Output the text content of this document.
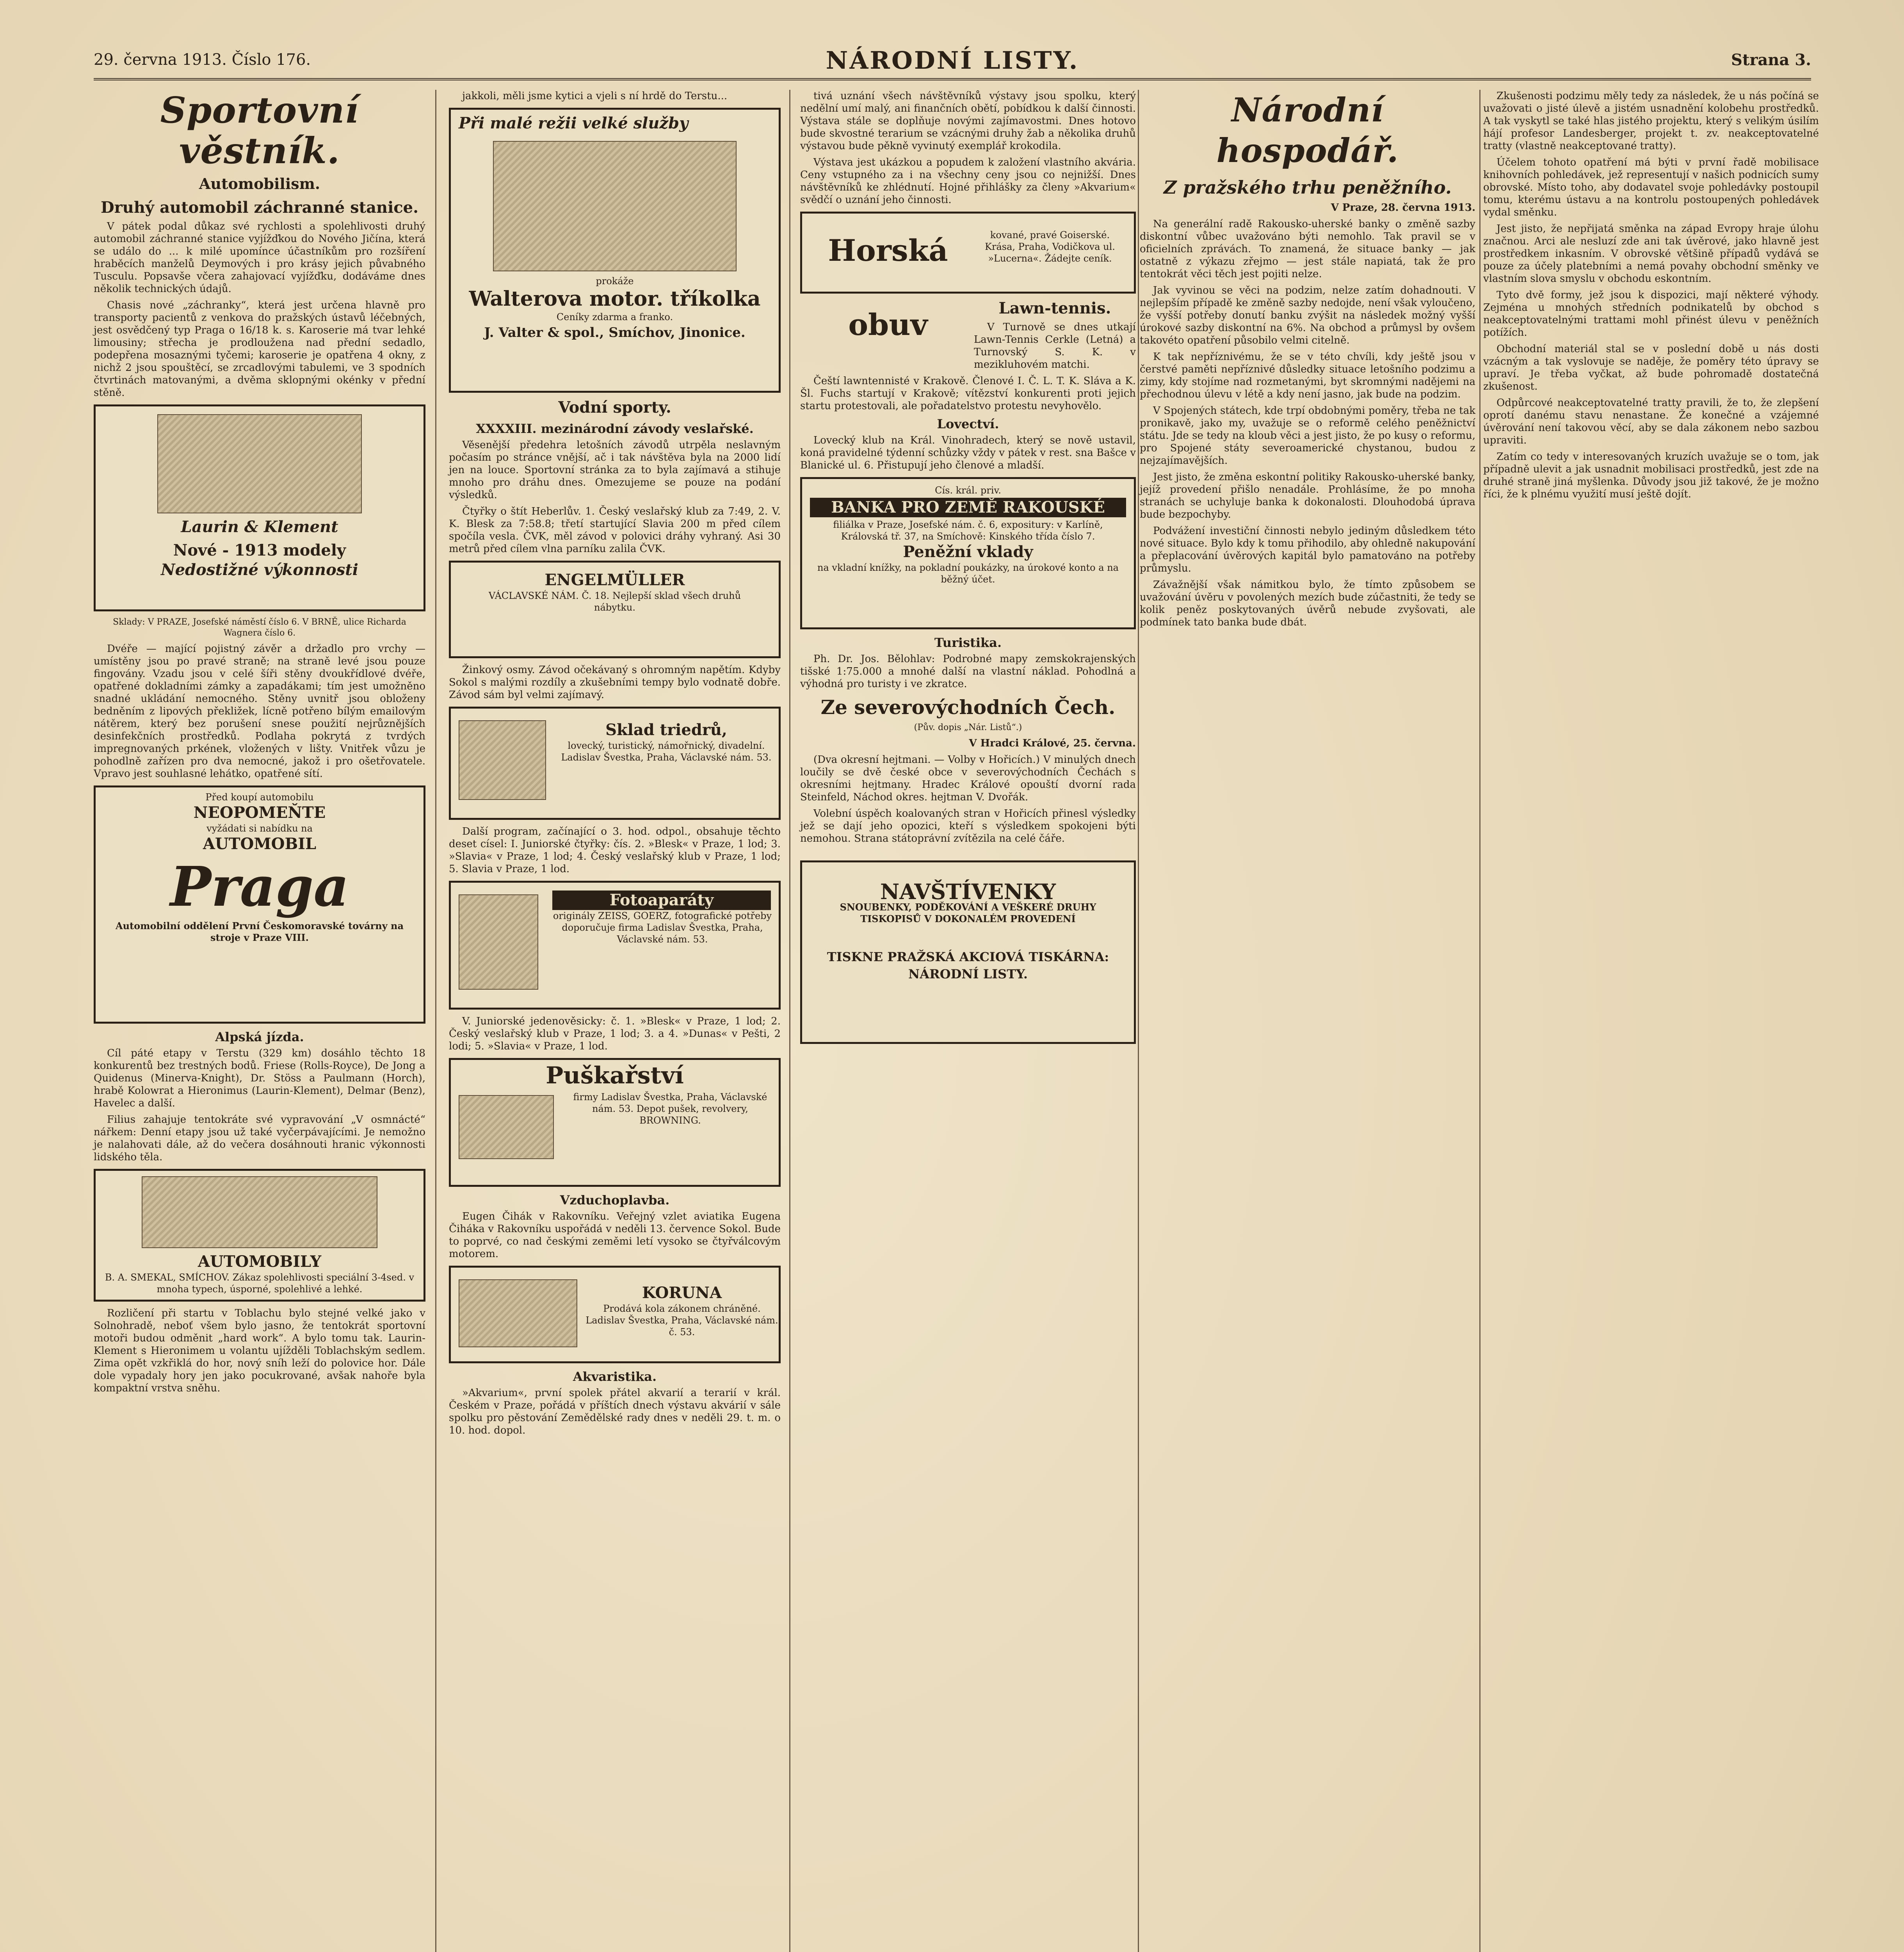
29. června 1913. Číslo 176.	NÁRODNÍ LISTY.	Strana 3.
Sportovní věstník.
Automobilism.
Druhý automobil záchranné stanice.

V pátek podal důkaz své rychlosti a spolehlivosti druhý automobil záchranné stanice vyjížďkou do Nového Jičína, která se událo do ... k milé upomínce účastníkům pro rozšíření hraběcích manželů Deymových i pro krásy jejich půvabného Tusculu. Popsavše včera zahajovací vyjížďku, dodáváme dnes několik technických údajů.

Chasis nové „záchranky“, která jest určena hlavně pro transporty pacientů z venkova do pražských ústavů léčebných, jest osvědčený typ Praga o 16/18 k. s. Karoserie má tvar lehké limousiny; střecha je prodloužena nad přední sedadlo, podepřena mosaznými tyčemi; karoserie je opatřena 4 okny, z nichž 2 jsou spouštěcí, se zrcadlovými tabulemi, ve 3 spodních čtvrtinách matovanými, a dvěma sklopnými okénky v přední stěně.

Laurin & Klement
Nové - 1913 modely
Nedostižné výkonnosti

Sklady: V PRAZE, Josefské náměstí číslo 6. V BRNĚ, ulice Richarda Wagnera číslo 6.

Dvéře — mající pojistný závěr a držadlo pro vrchy — umístěny jsou po pravé straně; na straně levé jsou pouze fingovány. Vzadu jsou v celé šíři stěny dvoukřídlové dvéře, opatřené dokladními zámky a zapadákami; tím jest umožněno snadné ukládání nemocného. Stěny uvnitř jsou obloženy bedněním z lipových překližek, lícně potřeno bílým emailovým nátěrem, který bez porušení snese použití nejrůznějších desinfekčních prostředků. Podlaha pokrytá z tvrdých impregnovaných prkének, vložených v lišty. Vnitřek vůzu je pohodlně zařízen pro dva nemocné, jakož i pro ošetřovatele. Vpravo jest souhlasné lehátko, opatřené sítí.

Před koupí automobilu
NEOPOMEŇTE
vyžádati si nabídku na
AUTOMOBIL
Praga
Automobilní oddělení První Českomoravské továrny na stroje v Praze VIII.
Alpská jízda.

Cíl páté etapy v Terstu (329 km) dosáhlo těchto 18 konkurentů bez trestných bodů. Friese (Rolls-Royce), De Jong a Quidenus (Minerva-Knight), Dr. Stöss a Paulmann (Horch), hrabě Kolowrat a Hieronimus (Laurin-Klement), Delmar (Benz), Havelec a další.

Filius zahajuje tentokráte své vypravování „V osmnácté“ nářkem: Denní etapy jsou už také vyčerpávajícími. Je nemožno je nalahovati dále, až do večera dosáhnouti hranic výkonnosti lidského těla.

AUTOMOBILY
B. A. SMEKAL, SMÍCHOV. Zákaz spolehlivosti speciální 3-4sed. v mnoha typech, úsporné, spolehlivé a lehké.

Rozličení při startu v Toblachu bylo stejné velké jako v Solnohradě, neboť všem bylo jasno, že tentokrát sportovní motoři budou odměnit „hard work“. A bylo tomu tak. Laurin-Klement s Hieronimem u volantu ujížděli Toblachským sedlem. Zima opět vzkřiklá do hor, nový sníh leží do polovice hor. Dále dole vypadaly hory jen jako pocukrované, avšak nahoře byla kompaktní vrstva sněhu.

jakkoli, měli jsme kytici a vjeli s ní hrdě do Terstu...

Při malé režii velké služby
prokáže
Walterova motor. tříkolka
Ceníky zdarma a franko.
J. Valter & spol., Smíchov, Jinonice.
Vodní sporty.
XXXXIII. mezinárodní závody veslařské.

Věsenější předehra letošních závodů utrpěla neslavným počasím po stránce vnější, ač i tak návštěva byla na 2000 lidí jen na louce. Sportovní stránka za to byla zajímavá a stihuje mnoho pro dráhu dnes. Omezujeme se pouze na podání výsledků.

Čtyřky o štít Heberlův. 1. Český veslařský klub za 7:49, 2. V. K. Blesk za 7:58.8; třetí startující Slavia 200 m před cílem spočíla vesla. ČVK, měl závod v polovici dráhy vyhraný. Asi 30 metrů před cílem vlna parníku zalila ČVK.

ENGELMÜLLER
VÁCLAVSKÉ NÁM. Č. 18. Nejlepší sklad všech druhů nábytku.

Žinkový osmy. Závod očekávaný s ohromným napětím. Kdyby Sokol s malými rozdíly a zkušebními tempy bylo vodnatě dobře. Závod sám byl velmi zajímavý.

Sklad triedrů,
lovecký, turistický, námořnický, divadelní. Ladislav Švestka, Praha, Václavské nám. 53.

Další program, začínající o 3. hod. odpol., obsahuje těchto deset císel: I. Juniorské čtyřky: čís. 2. »Blesk« v Praze, 1 lod; 3. »Slavia« v Praze, 1 lod; 4. Český veslařský klub v Praze, 1 lod; 5. Slavia v Praze, 1 lod.

Fotoaparáty
originály ZEISS, GOERZ, fotografické potřeby doporučuje firma Ladislav Švestka, Praha, Václavské nám. 53.

V. Juniorské jedenověsicky: č. 1. »Blesk« v Praze, 1 lod; 2. Český veslařský klub v Praze, 1 lod; 3. a 4. »Dunas« v Pešti, 2 lodi; 5. »Slavia« v Praze, 1 lod.

Puškařství
firmy Ladislav Švestka, Praha, Václavské nám. 53. Depot pušek, revolvery, BROWNING.
Vzduchoplavba.

Eugen Čihák v Rakovníku. Veřejný vzlet aviatika Eugena Čiháka v Rakovníku uspořádá v neděli 13. července Sokol. Bude to poprvé, co nad českými zeměmi letí vysoko se čtyřválcovým motorem.

KORUNA
Prodává kola zákonem chráněné. Ladislav Švestka, Praha, Václavské nám. č. 53.
Akvaristika.

»Akvarium«, první spolek přátel akvarií a terarií v král. Českém v Praze, pořádá v příštích dnech výstavu akvárií v sále spolku pro pěstování Zemědělské rady dnes v neděli 29. t. m. o 10. hod. dopol.

tivá uznání všech návštěvníků výstavy jsou spolku, který nedělní umí malý, ani finančních obětí, pobídkou k další činnosti. Výstava stále se doplňuje novými zajímavostmi. Dnes hotovo bude skvostné terarium se vzácnými druhy žab a několika druhů výstavou bude pěkně vyvinutý exemplář krokodila.

Výstava jest ukázkou a popudem k založení vlastního akvária. Ceny vstupného za i na všechny ceny jsou co nejnižší. Dnes návštěvníků ke zhlédnutí. Hojné přihlášky za členy »Akvarium« svědčí o uznání jeho činnosti.

Horská obuv
kované, pravé Goiserské. Krása, Praha, Vodičkova ul. »Lucerna«. Žádejte ceník.
Lawn-tennis.

V Turnově se dnes utkají Lawn-Tennis Cerkle (Letná) a Turnovský S. K. v mezikluhovém matchi.

Čeští lawntennisté v Krakově. Členové I. Č. L. T. K. Sláva a K. Šl. Fuchs startují v Krakově; vítězství konkurenti proti jejich startu protestovali, ale pořadatelstvo protestu nevyhovělo.

Lovectví.

Lovecký klub na Král. Vinohradech, který se nově ustavil, koná pravidelné týdenní schůzky vždy v pátek v rest. sna Bašce v Blanické ul. 6. Přistupují jeho členové a mladší.

Cís. král. priv.
BANKA PRO ZEMĚ RAKOUSKÉ
filiálka v Praze, Josefské nám. č. 6, expositury: v Karlíně, Královská tř. 37, na Smíchově: Kinského třída číslo 7.
Peněžní vklady
na vkladní knížky, na pokladní poukázky, na úrokové konto a na běžný účet.
Turistika.

Ph. Dr. Jos. Bělohlav: Podrobné mapy zemskokrajenských tišské 1:75.000 a mnohé další na vlastní náklad. Pohodlná a výhodná pro turisty i ve zkratce.

Ze severovýchodních Čech.

(Pův. dopis „Nár. Listů“.)

V Hradci Králové, 25. června.

(Dva okresní hejtmani. — Volby v Hořicích.) V minulých dnech loučily se dvě české obce v severovýchodních Čechách s okresními hejtmany. Hradec Králové opouští dvorní rada Steinfeld, Náchod okres. hejtman V. Dvořák.

Volební úspěch koalovaných stran v Hořicích přinesl výsledky jež se dají jeho opozici, kteří s výsledkem spokojeni býti nemohou. Strana státoprávní zvítězila na celé čáře.

NAVŠTÍVENKY
SNOUBENKY, PODĚKOVÁNÍ A VEŠKERÉ DRUHY TISKOPISŮ V DOKONALÉM PROVEDENÍ
TISKNE PRAŽSKÁ AKCIOVÁ TISKÁRNA: NÁRODNÍ LISTY.
Národní hospodář.
Z pražského trhu peněžního.

V Praze, 28. června 1913.

Na generální radě Rakousko-uherské banky o změně sazby diskontní vůbec uvažováno býti nemohlo. Tak pravil se v oficielních zprávách. To znamená, že situace banky — jak ostatně z výkazu zřejmo — jest stále napiatá, tak že pro tentokrát věci těch jest pojiti nelze.

Jak vyvinou se věci na podzim, nelze zatím dohadnouti. V nejlepším případě ke změně sazby nedojde, není však vyloučeno, že vyšší potřeby donutí banku zvýšit na následek možný vyšší úrokové sazby diskontní na 6%. Na obchod a průmysl by ovšem takovéto opatření působilo velmi citelně.

K tak nepříznivému, že se v této chvíli, kdy ještě jsou v čerstvé paměti nepříznivé důsledky situace letošního podzimu a zimy, kdy stojíme nad rozmetanými, byt skromnými nadějemi na přechodnou úlevu v létě a kdy není jasno, jak bude na podzim.

V Spojených státech, kde trpí obdobnými poměry, třeba ne tak pronikavě, jako my, uvažuje se o reformě celého peněžnictví státu. Jde se tedy na kloub věci a jest jisto, že po kusy o reformu, pro Spojené státy severoamerické chystanou, budou z nejzajímavějších.

Jest jisto, že změna eskontní politiky Rakousko-uherské banky, jejíž provedení přišlo nenadále. Prohlásíme, že po mnoha stranách se uchyluje banka k dokonalosti. Dlouhodobá úprava bude bezpochyby.

Podvážení investiční činnosti nebylo jediným důsledkem této nové situace. Bylo kdy k tomu přihodilo, aby ohledně nakupování a přeplacování úvěrových kapitál bylo pamatováno na potřeby průmyslu.

Závažnější však námitkou bylo, že tímto způsobem se uvažování úvěru v povolených mezích bude zúčastniti, že tedy se kolik peněz poskytovaných úvěrů nebude zvyšovati, ale podmínek tato banka bude dbát.

Zkušenosti podzimu měly tedy za následek, že u nás počíná se uvažovati o jisté úlevě a jistém usnadnění kolobehu prostředků. A tak vyskytl se také hlas jistého projektu, který s velikým úsilím hájí profesor Landesberger, projekt t. zv. neakceptovatelné tratty (vlastně neakceptované tratty).

Účelem tohoto opatření má býti v první řadě mobilisace knihovních pohledávek, jež representují v našich podnicích sumy obrovské. Místo toho, aby dodavatel svoje pohledávky postoupil tomu, kterému ústavu a na kontrolu postoupených pohledávek vydal směnku.

Jest jisto, že nepřijatá směnka na západ Evropy hraje úlohu značnou. Arci ale nesluzí zde ani tak úvěrové, jako hlavně jest prostředkem inkasním. V obrovské většině případů vydává se pouze za účely platebními a nemá povahy obchodní směnky ve vlastním slova smyslu v obchodu eskontním.

Tyto dvě formy, jež jsou k dispozici, mají některé výhody. Zejména u mnohých středních podnikatelů by obchod s neakceptovatelnými trattami mohl přinést úlevu v peněžních potížích.

Obchodní materiál stal se v poslední době u nás dosti vzácným a tak vyslovuje se naděje, že poměry této úpravy se upraví. Je třeba vyčkat, až bude pohromadě dostatečná zkušenost.

Odpůrcové neakceptovatelné tratty pravili, že to, že zlepšení oprotí danému stavu nenastane. Že konečné a vzájemné úvěrování není takovou věcí, aby se dala zákonem nebo sazbou upraviti.

Zatím co tedy v interesovaných kruzích uvažuje se o tom, jak případně ulevit a jak usnadnit mobilisaci prostředků, jest zde na druhé straně jiná myšlenka. Důvody jsou již takové, že je možno říci, že k plnému využití musí ještě dojít.
